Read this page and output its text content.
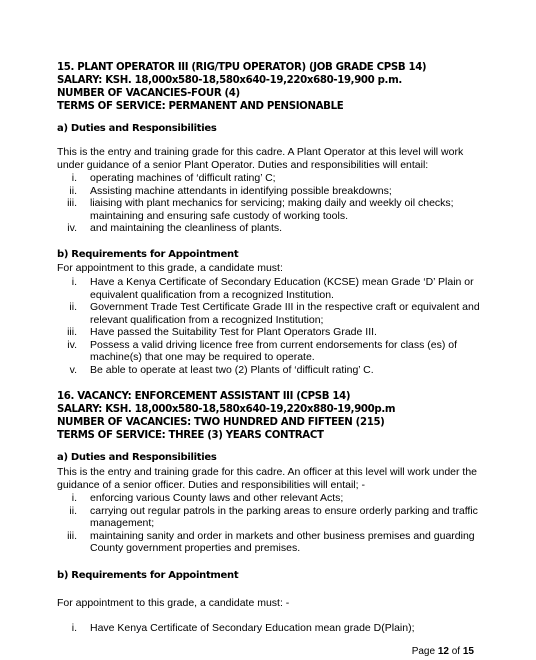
15. PLANT OPERATOR III (RIG/TPU OPERATOR) (JOB GRADE CPSB 14)
SALARY: KSH. 18,000x580-18,580x640-19,220x680-19,900 p.m.
NUMBER OF VACANCIES-FOUR (4)
TERMS OF SERVICE: PERMANENT AND PENSIONABLE
a) Duties and Responsibilities
This is the entry and training grade for this cadre. A Plant Operator at this level will work under guidance of a senior Plant Operator. Duties and responsibilities will entail:
i. operating machines of ‘difficult rating’ C;
ii. Assisting machine attendants in identifying possible breakdowns;
iii. liaising with plant mechanics for servicing; making daily and weekly oil checks; maintaining and ensuring safe custody of working tools.
iv. and maintaining the cleanliness of plants.
b) Requirements for Appointment
For appointment to this grade, a candidate must:
i. Have a Kenya Certificate of Secondary Education (KCSE) mean Grade ‘D’ Plain or equivalent qualification from a recognized Institution.
ii. Government Trade Test Certificate Grade III in the respective craft or equivalent and relevant qualification from a recognized Institution;
iii. Have passed the Suitability Test for Plant Operators Grade III.
iv. Possess a valid driving licence free from current endorsements for class (es) of machine(s) that one may be required to operate.
v. Be able to operate at least two (2) Plants of ‘difficult rating’ C.
16. VACANCY: ENFORCEMENT ASSISTANT III (CPSB 14)
SALARY: KSH. 18,000x580-18,580x640-19,220x880-19,900p.m
NUMBER OF VACANCIES: TWO HUNDRED AND FIFTEEN (215)
TERMS OF SERVICE: THREE (3) YEARS CONTRACT
a) Duties and Responsibilities
This is the entry and training grade for this cadre. An officer at this level will work under the guidance of a senior officer. Duties and responsibilities will entail; -
i. enforcing various County laws and other relevant Acts;
ii. carrying out regular patrols in the parking areas to ensure orderly parking and traffic management;
iii. maintaining sanity and order in markets and other business premises and guarding County government properties and premises.
b) Requirements for Appointment
For appointment to this grade, a candidate must: -
i. Have Kenya Certificate of Secondary Education mean grade D(Plain);
Page 12 of 15
